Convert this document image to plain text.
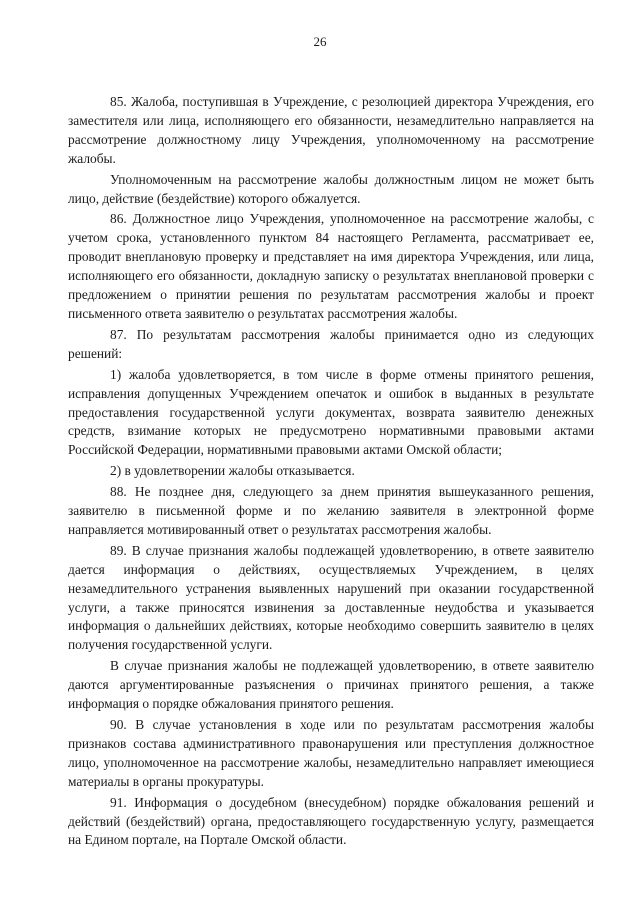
26

85. Жалоба, поступившая в Учреждение, с резолюцией директора Учреждения, его заместителя или лица, исполняющего его обязанности, незамедлительно направляется на рассмотрение должностному лицу Учреждения, уполномоченному на рассмотрение жалобы.

Уполномоченным на рассмотрение жалобы должностным лицом не может быть лицо, действие (бездействие) которого обжалуется.

86. Должностное лицо Учреждения, уполномоченное на рассмотрение жалобы, с учетом срока, установленного пунктом 84 настоящего Регламента, рассматривает ее, проводит внеплановую проверку и представляет на имя директора Учреждения, или лица, исполняющего его обязанности, докладную записку о результатах внеплановой проверки с предложением о принятии решения по результатам рассмотрения жалобы и проект письменного ответа заявителю о результатах рассмотрения жалобы.

87. По результатам рассмотрения жалобы принимается одно из следующих решений:

1) жалоба удовлетворяется, в том числе в форме отмены принятого решения, исправления допущенных Учреждением опечаток и ошибок в выданных в результате предоставления государственной услуги документах, возврата заявителю денежных средств, взимание которых не предусмотрено нормативными правовыми актами Российской Федерации, нормативными правовыми актами Омской области;

2) в удовлетворении жалобы отказывается.

88. Не позднее дня, следующего за днем принятия вышеуказанного решения, заявителю в письменной форме и по желанию заявителя в электронной форме направляется мотивированный ответ о результатах рассмотрения жалобы.

89. В случае признания жалобы подлежащей удовлетворению, в ответе заявителю дается информация о действиях, осуществляемых Учреждением, в целях незамедлительного устранения выявленных нарушений при оказании государственной услуги, а также приносятся извинения за доставленные неудобства и указывается информация о дальнейших действиях, которые необходимо совершить заявителю в целях получения государственной услуги.

В случае признания жалобы не подлежащей удовлетворению, в ответе заявителю даются аргументированные разъяснения о причинах принятого решения, а также информация о порядке обжалования принятого решения.

90. В случае установления в ходе или по результатам рассмотрения жалобы признаков состава административного правонарушения или преступления должностное лицо, уполномоченное на рассмотрение жалобы, незамедлительно направляет имеющиеся материалы в органы прокуратуры.

91. Информация о досудебном (внесудебном) порядке обжалования решений и действий (бездействий) органа, предоставляющего государственную услугу, размещается на Едином портале, на Портале Омской области.
